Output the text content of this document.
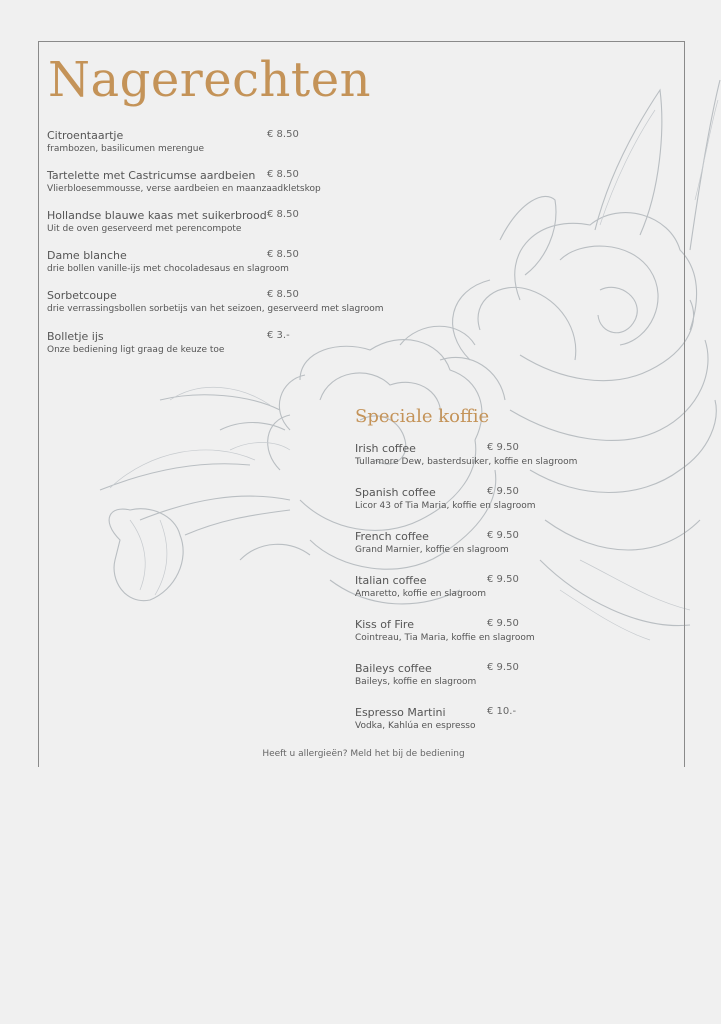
Nagerechten
Citroentaartje	€ 8.50
frambozen, basilicumen merengue
Tartelette met Castricumse aardbeien € 8.50
Vlierbloesemmousse, verse aardbeien en maanzaadkletskop
Hollandse blauwe kaas met suikerbrood € 8.50
Uit de oven geserveerd met perencompote
Dame blanche	€ 8.50
drie bollen vanille-ijs met chocoladesaus en slagroom
Sorbetcoupe	€ 8.50
drie verrassingsbollen sorbetijs van het seizoen, geserveerd met slagroom
Bolletje ijs	€ 3.-
Onze bediening ligt graag de keuze toe
Speciale koffie
Irish coffee	€ 9.50
Tullamore Dew, basterdsuiker, koffie en slagroom
Spanish coffee	€ 9.50
Licor 43 of Tia Maria, koffie en slagroom
French coffee	€ 9.50
Grand Marnier, koffie en slagroom
Italian coffee	€ 9.50
Amaretto, koffie en slagroom
Kiss of Fire	€ 9.50
Cointreau, Tia Maria, koffie en slagroom
Baileys coffee	€ 9.50
Baileys, koffie en slagroom
Espresso Martini	€ 10.-
Vodka, Kahlúa en espresso
Heeft u allergieën? Meld het bij de bediening
